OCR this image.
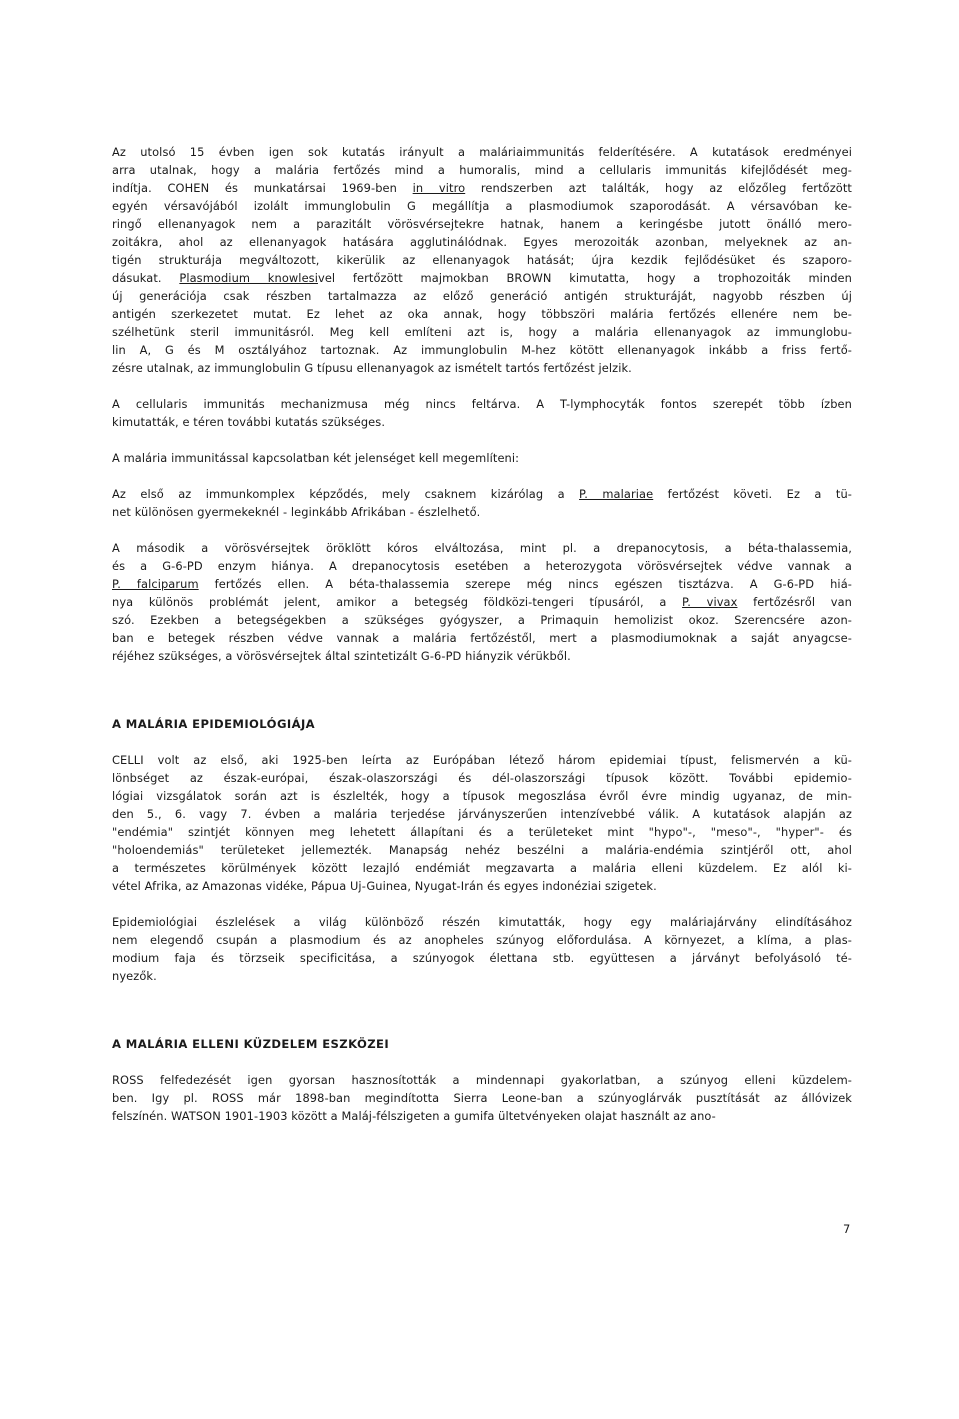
Az utolsó 15 évben igen sok kutatás irányult a maláriaimmunitás felderítésére. A kutatások eredményei
arra utalnak, hogy a malária fertőzés mind a humoralis, mind a cellularis immunitás kifejlődését meg-
indítja. COHEN és munkatársai 1969-ben in vitro rendszerben azt találták, hogy az előzőleg fertőzött
egyén vérsavójából izolált immunglobulin G megállítja a plasmodiumok szaporodását. A vérsavóban ke-
ringő ellenanyagok nem a parazitált vörösvérsejtekre hatnak, hanem a keringésbe jutott önálló mero-
zoitákra, ahol az ellenanyagok hatására agglutinálódnak. Egyes merozoiták azonban, melyeknek az an-
tigén strukturája megváltozott, kikerülik az ellenanyagok hatását; újra kezdik fejlődésüket és szaporo-
dásukat. Plasmodium knowlesivel fertőzött majmokban BROWN kimutatta, hogy a trophozoiták minden
új generációja csak részben tartalmazza az előző generáció antigén strukturáját, nagyobb részben új
antigén szerkezetet mutat. Ez lehet az oka annak, hogy többszöri malária fertőzés ellenére nem be-
szélhetünk steril immunitásról. Meg kell említeni azt is, hogy a malária ellenanyagok az immunglobu-
lin A, G és M osztályához tartoznak. Az immunglobulin M-hez kötött ellenanyagok inkább a friss fertő-
zésre utalnak, az immunglobulin G típusu ellenanyagok az ismételt tartós fertőzést jelzik.
A cellularis immunitás mechanizmusa még nincs feltárva. A T-lymphocyták fontos szerepét több ízben
kimutatták, e téren további kutatás szükséges.
A malária immunitással kapcsolatban két jelenséget kell megemlíteni:
Az első az immunkomplex képződés, mely csaknem kizárólag a P. malariae fertőzést követi. Ez a tü-
net különösen gyermekeknél - leginkább Afrikában - észlelhető.
A második a vörösvérsejtek öröklött kóros elváltozása, mint pl. a drepanocytosis, a béta-thalassemia,
és a G-6-PD enzym hiánya. A drepanocytosis esetében a heterozygota vörösvérsejtek védve vannak a
P. falciparum fertőzés ellen. A béta-thalassemia szerepe még nincs egészen tisztázva. A G-6-PD hiá-
nya különös problémát jelent, amikor a betegség földközi-tengeri típusáról, a P. vivax fertőzésről van
szó. Ezekben a betegségekben a szükséges gyógyszer, a Primaquin hemolizist okoz. Szerencsére azon-
ban e betegek részben védve vannak a malária fertőzéstől, mert a plasmodiumoknak a saját anyagcse-
réjéhez szükséges, a vörösvérsejtek által szintetizált G-6-PD hiányzik vérükből.
A MALÁRIA EPIDEMIOLÓGIÁJA
CELLI volt az első, aki 1925-ben leírta az Európában létező három epidemiai típust, felismervén a kü-
lönbséget az észak-európai, észak-olaszországi és dél-olaszországi típusok között. További epidemio-
lógiai vizsgálatok során azt is észlelték, hogy a típusok megoszlása évről évre mindig ugyanaz, de min-
den 5., 6. vagy 7. évben a malária terjedése járványszerűen intenzívebbé válik. A kutatások alapján az
"endémia" szintjét könnyen meg lehetett állapítani és a területeket mint "hypo"-, "meso"-, "hyper"- és
"holoendemiás" területeket jellemezték. Manapság nehéz beszélni a malária-endémia szintjéről ott, ahol
a természetes körülmények között lezajló endémiát megzavarta a malária elleni küzdelem. Ez alól ki-
vétel Afrika, az Amazonas vidéke, Pápua Uj-Guinea, Nyugat-Irán és egyes indonéziai szigetek.
Epidemiológiai észlelések a világ különböző részén kimutatták, hogy egy maláriajárvány elindításához
nem elegendő csupán a plasmodium és az anopheles szúnyog előfordulása. A környezet, a klíma, a plas-
modium faja és törzseik specificitása, a szúnyogok élettana stb. együttesen a járványt befolyásoló té-
nyezők.
A MALÁRIA ELLENI KÜZDELEM ESZKÖZEI
ROSS felfedezését igen gyorsan hasznosították a mindennapi gyakorlatban, a szúnyog elleni küzdelem-
ben. Igy pl. ROSS már 1898-ban megindította Sierra Leone-ban a szúnyoglárvák pusztítását az állóvizek
felszínén. WATSON 1901-1903 között a Maláj-félszigeten a gumifa ültetvényeken olajat használt az ano-
7
